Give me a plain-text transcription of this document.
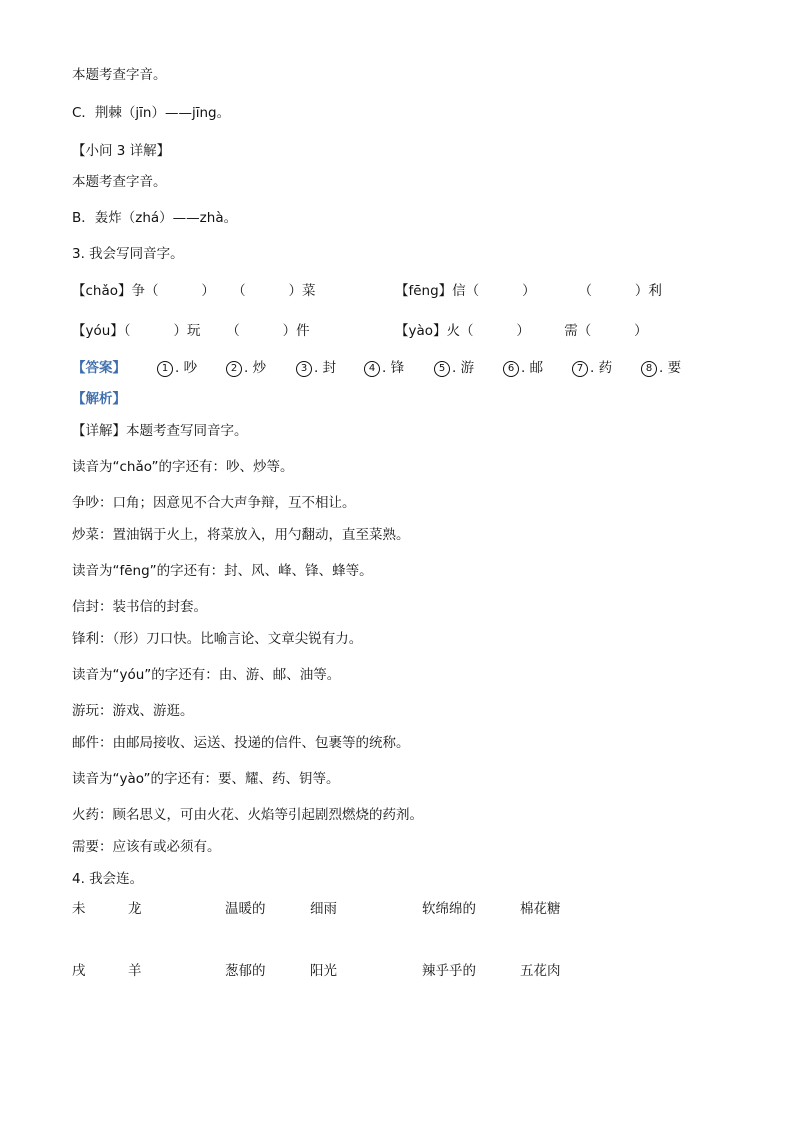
本题考查字音。
C．荆棘（jīn）——jīng。
【小问 3 详解】
本题考查字音。
B．轰炸（zhá）——zhà。
3. 我会写同音字。
【chǎo】争（          ）    （          ）菜	【fēng】信（          ）          （          ）利
【yóu】（          ）玩      （          ）件	【yào】火（          ）        需（          ）
【答案】	1 . 吵	2 . 炒	3 . 封	4 . 锋	5 . 游	6 . 邮	7 . 药	8 . 要
【解析】
【详解】本题考查写同音字。
读音为“chǎo”的字还有：吵、炒等。
争吵：口角；因意见不合大声争辩，互不相让。
炒菜：置油锅于火上，将菜放入，用勺翻动，直至菜熟。
读音为“fēng”的字还有：封、风、峰、锋、蜂等。
信封：装书信的封套。
锋利：（形）刀口快。比喻言论、文章尖锐有力。
读音为“yóu”的字还有：由、游、邮、油等。
游玩：游戏、游逛。
邮件：由邮局接收、运送、投递的信件、包裹等的统称。
读音为“yào”的字还有：要、耀、药、钥等。
火药：顾名思义，可由火花、火焰等引起剧烈燃烧的药剂。
需要：应该有或必须有。
4. 我会连。
未	龙	温暖的	细雨	软绵绵的	棉花糖
戌	羊	葱郁的	阳光	辣乎乎的	五花肉
